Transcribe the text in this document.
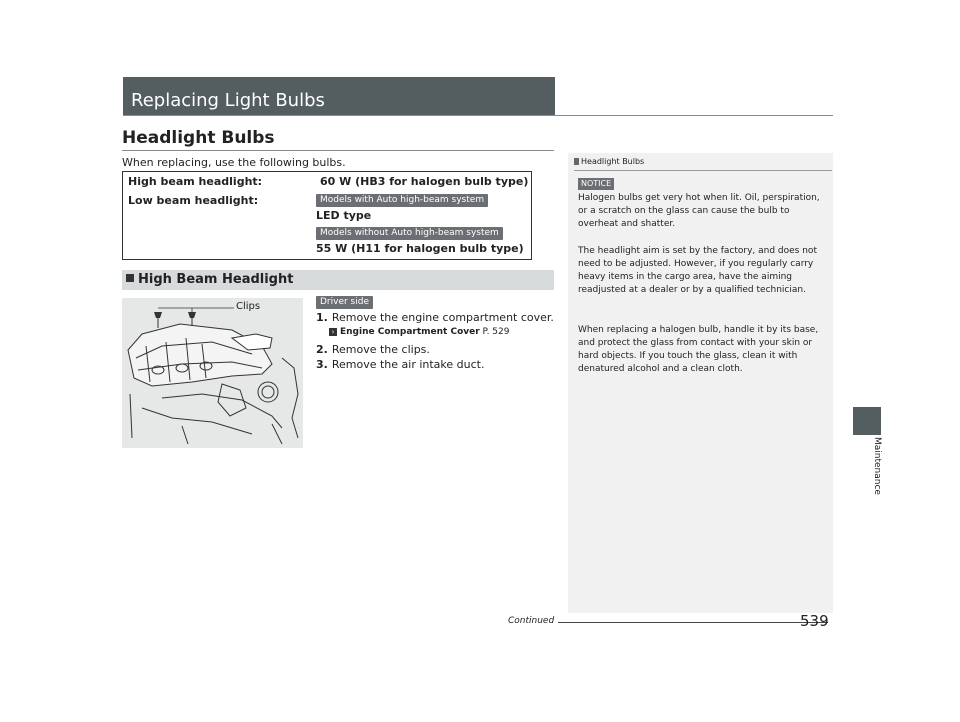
Replacing Light Bulbs
Headlight Bulbs
When replacing, use the following bulbs.
High beam headlight:	60 W (HB3 for halogen bulb type)
Low beam headlight:	Models with Auto high-beam system
LED type
Models without Auto high-beam system
55 W (H11 for halogen bulb type)
High Beam Headlight
Clips	Driver side
1. Remove the engine compartment cover.
› Engine Compartment Cover P. 529
2. Remove the clips.
3. Remove the air intake duct.
Headlight Bulbs
NOTICE
Halogen bulbs get very hot when lit. Oil, perspiration, or a scratch on the glass can cause the bulb to overheat and shatter.
The headlight aim is set by the factory, and does not need to be adjusted. However, if you regularly carry heavy items in the cargo area, have the aiming readjusted at a dealer or by a qualified technician.
When replacing a halogen bulb, handle it by its base, and protect the glass from contact with your skin or hard objects. If you touch the glass, clean it with denatured alcohol and a clean cloth.
Maintenance
Continued	539
